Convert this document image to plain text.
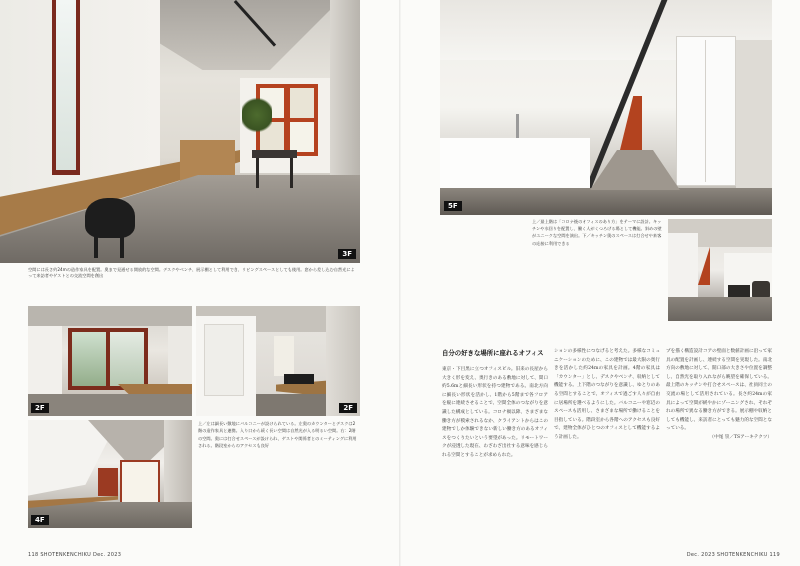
3F
空間には長さ約24mの造作家具を配置。奥まで見通せる開放的な空間。デスクやベンチ、展示棚として利用でき、リビングスペースとしても使用。窓から差し込む自然光によって来訪者やゲストとの交流空間を創出
2F	2F
4F
上／左は細長い敷地にバルコニーが設けられている。左奥のカウンターとデスクは2階の造作家具と連携。入り口から続く長い空間は自然光が入る明るい空間。右：2階の空間。奥には打合せスペースが設けられ、ゲストや関係者とのミーティングに利用される。階段室からのアクセスも良好
118 SHOTENKENCHIKU Dec. 2023
5F
上／最上階は「コロナ後のオフィスのあり方」をテーマに設計。キッチンや水回りを配置し、働く人がくつろげる場として機能。斜めの壁がユニークな空間を演出。下／キッチン奥のスペースは打合せや来客の応接に利用できる
自分の好きな場所に座れるオフィス
東京・下目黒に立つオフィスビル。旧来の長屋から大きく形を変え、奥行きのある敷地に対して、間口約5.6mと細長い形状を持つ建物である。南北方向に細長い形状を活かし、1階から5階まで各フロアを縦に連続させることで、空間全体のつながりを意識した構成としている。コロナ禍以降、さまざまな働き方が模索されるなか、クライアントからはこの建物でしか体験できない新しい働き方のあるオフィスをつくりたいという要望があった。リモートワークが浸透した現在、わざわざ出社する意味を感じられる空間とすることが求められた。
ションの多様性につなげると考えた。多様なコミュニケーションのために、この建物では最大限の奥行きを活かした約24mの家具を計画。4階の家具は「カウンター」とし、デスクやベンチ、収納として機能する。上下階のつながりを意識し、ゆとりのある空間とすることで、オフィスで過ごす人々が自由に居場所を選べるようにした。バルコニーや窓辺のスペースも活用し、さまざまな場所で働けることを目指している。階段室から各階へのアクセスも良好で、建物全体がひとつのオフィスとして機能するよう計画した。
プを描く構造設計コアの壁面と数値計画に沿って家具の配置を計画し、連続する空間を実現した。南北方向の敷地に対して、開口部の大きさや位置を調整し、自然光を取り入れながら眺望を確保している。最上階のキッチンや打合せスペースは、社員同士の交流の場として活用されている。長さ約24mの家具によって空間が緩やかにゾーニングされ、それぞれの場所で異なる働き方ができる。展示棚や収納としても機能し、来訪者にとっても魅力的な空間となっている。
（中尾 崇／TSアーキテクツ）
Dec. 2023 SHOTENKENCHIKU 119
